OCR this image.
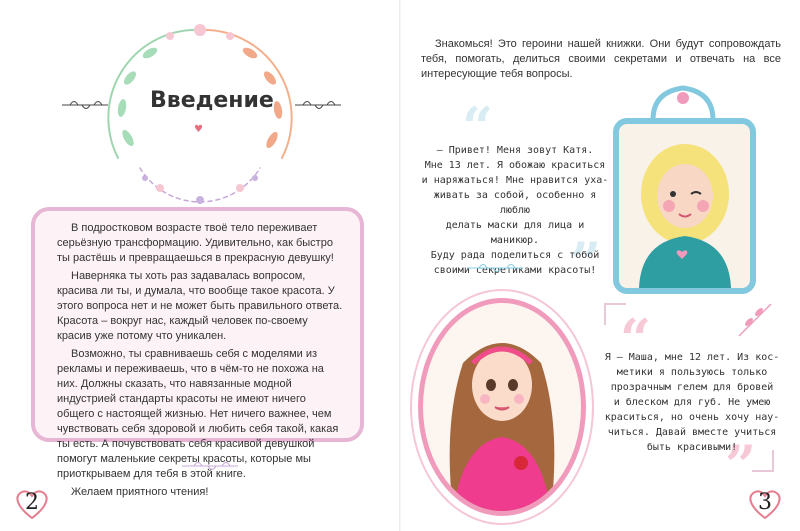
Введение
♥

В подростковом возрасте твоё тело переживает серьёзную трансформацию. Удивительно, как быстро ты растёшь и превращаешься в прекрасную девушку!

Наверняка ты хоть раз задавалась вопросом, красива ли ты, и думала, что вообще такое красота. У этого вопроса нет и не может быть правильного ответа. Красота – вокруг нас, каждый человек по-своему красив уже потому что уникален.

Возможно, ты сравниваешь себя с моделями из рекламы и переживаешь, что в чём-то не похожа на них. Должны сказать, что навязанные модной индустрией стандарты красоты не имеют ничего общего с настоящей жизнью. Нет ничего важнее, чем чувствовать себя здоровой и любить себя такой, какая ты есть. А почувствовать себя красивой девушкой помогут маленькие секреты красоты, которые мы приоткрываем для тебя в этой книге.

Желаем приятного чтения!

2
Знакомься! Это героини нашей книжки. Они будут сопровождать тебя, помогать, делиться своими секретами и отвечать на все интересующие тебя вопросы.
“
”
– Привет! Меня зовут Катя.
Мне 13 лет. Я обожаю краситься
и наряжаться! Мне нравится уха-
живать за собой, особенно я люблю
делать маски для лица и маникюр.
Буду рада поделиться с тобой
своими секретиками красоты!
“
”
Я – Маша, мне 12 лет. Из кос-
метики я пользуюсь только
прозрачным гелем для бровей
и блеском для губ. Не умею
краситься, но очень хочу нау-
читься. Давай вместе учиться
быть красивыми!
3
